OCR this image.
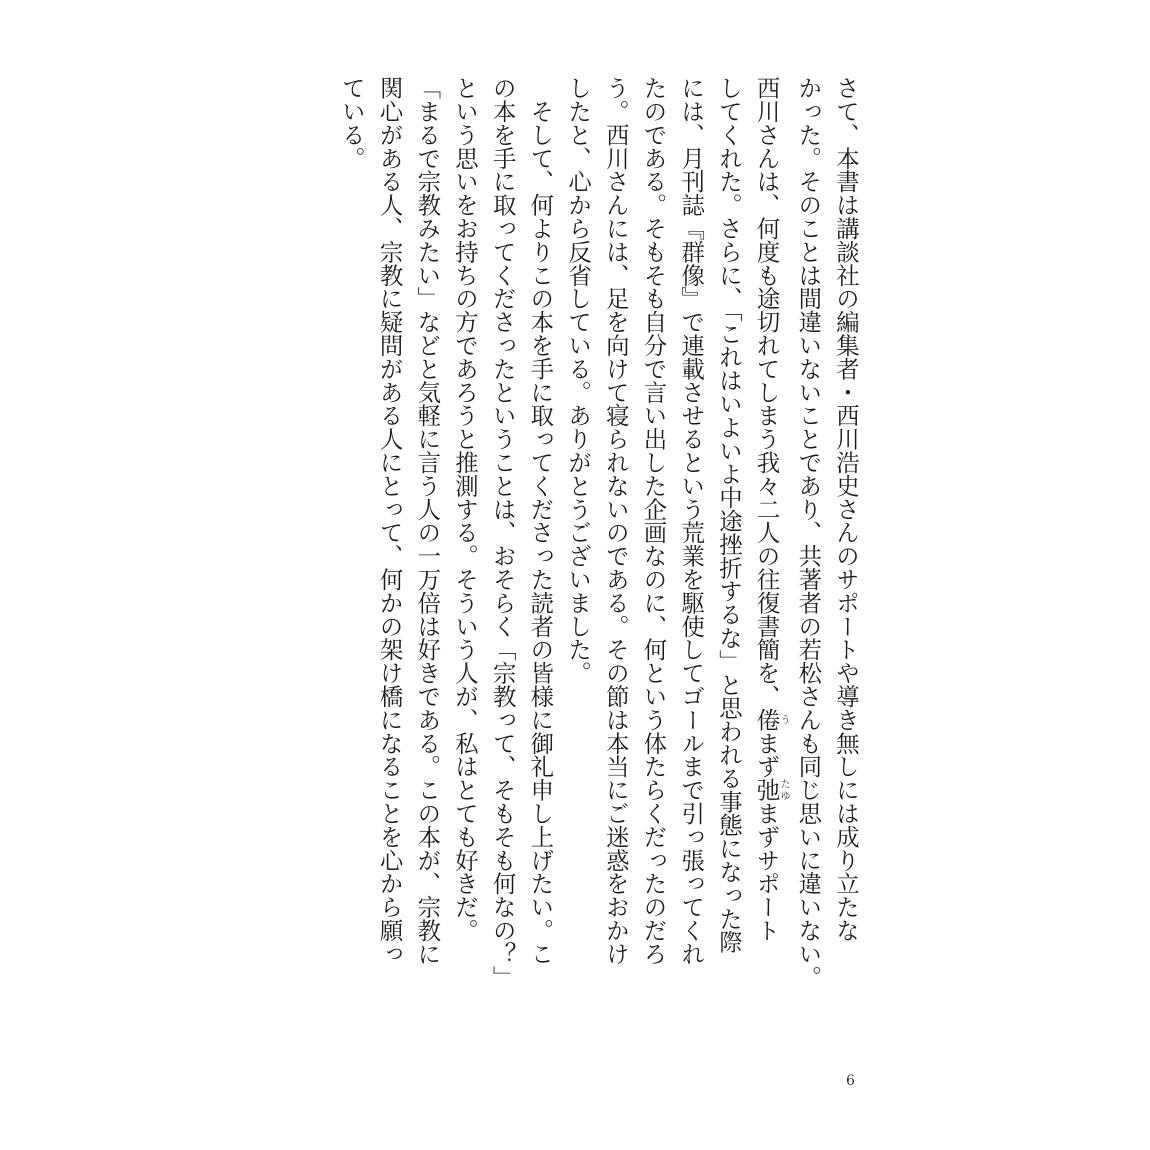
さて、本書は講談社の編集者・西川浩史さんのサポートや導き無しには成り立たな
かった。そのことは間違いないことであり、共著者の若松さんも同じ思いに違いない。
西川さんは、何度も途切れてしまう我々二人の往復書簡を、倦うまず弛たゆまずサポート
してくれた。さらに、「これはいよいよ中途挫折するな」と思われる事態になった際
には、月刊誌『群像』で連載させるという荒業を駆使してゴールまで引っ張ってくれ
たのである。そもそも自分で言い出した企画なのに、何という体たらくだったのだろ
う。西川さんには、足を向けて寝られないのである。その節は本当にご迷惑をおかけ
したと、心から反省している。ありがとうございました。
　そして、何よりこの本を手に取ってくださった読者の皆様に御礼申し上げたい。こ
の本を手に取ってくださったということは、おそらく「宗教って、そもそも何なの？」
という思いをお持ちの方であろうと推測する。そういう人が、私はとても好きだ。
「まるで宗教みたい」などと気軽に言う人の一万倍は好きである。この本が、宗教に
関心がある人、宗教に疑問がある人にとって、何かの架け橋になることを心から願っ
ている。
6
